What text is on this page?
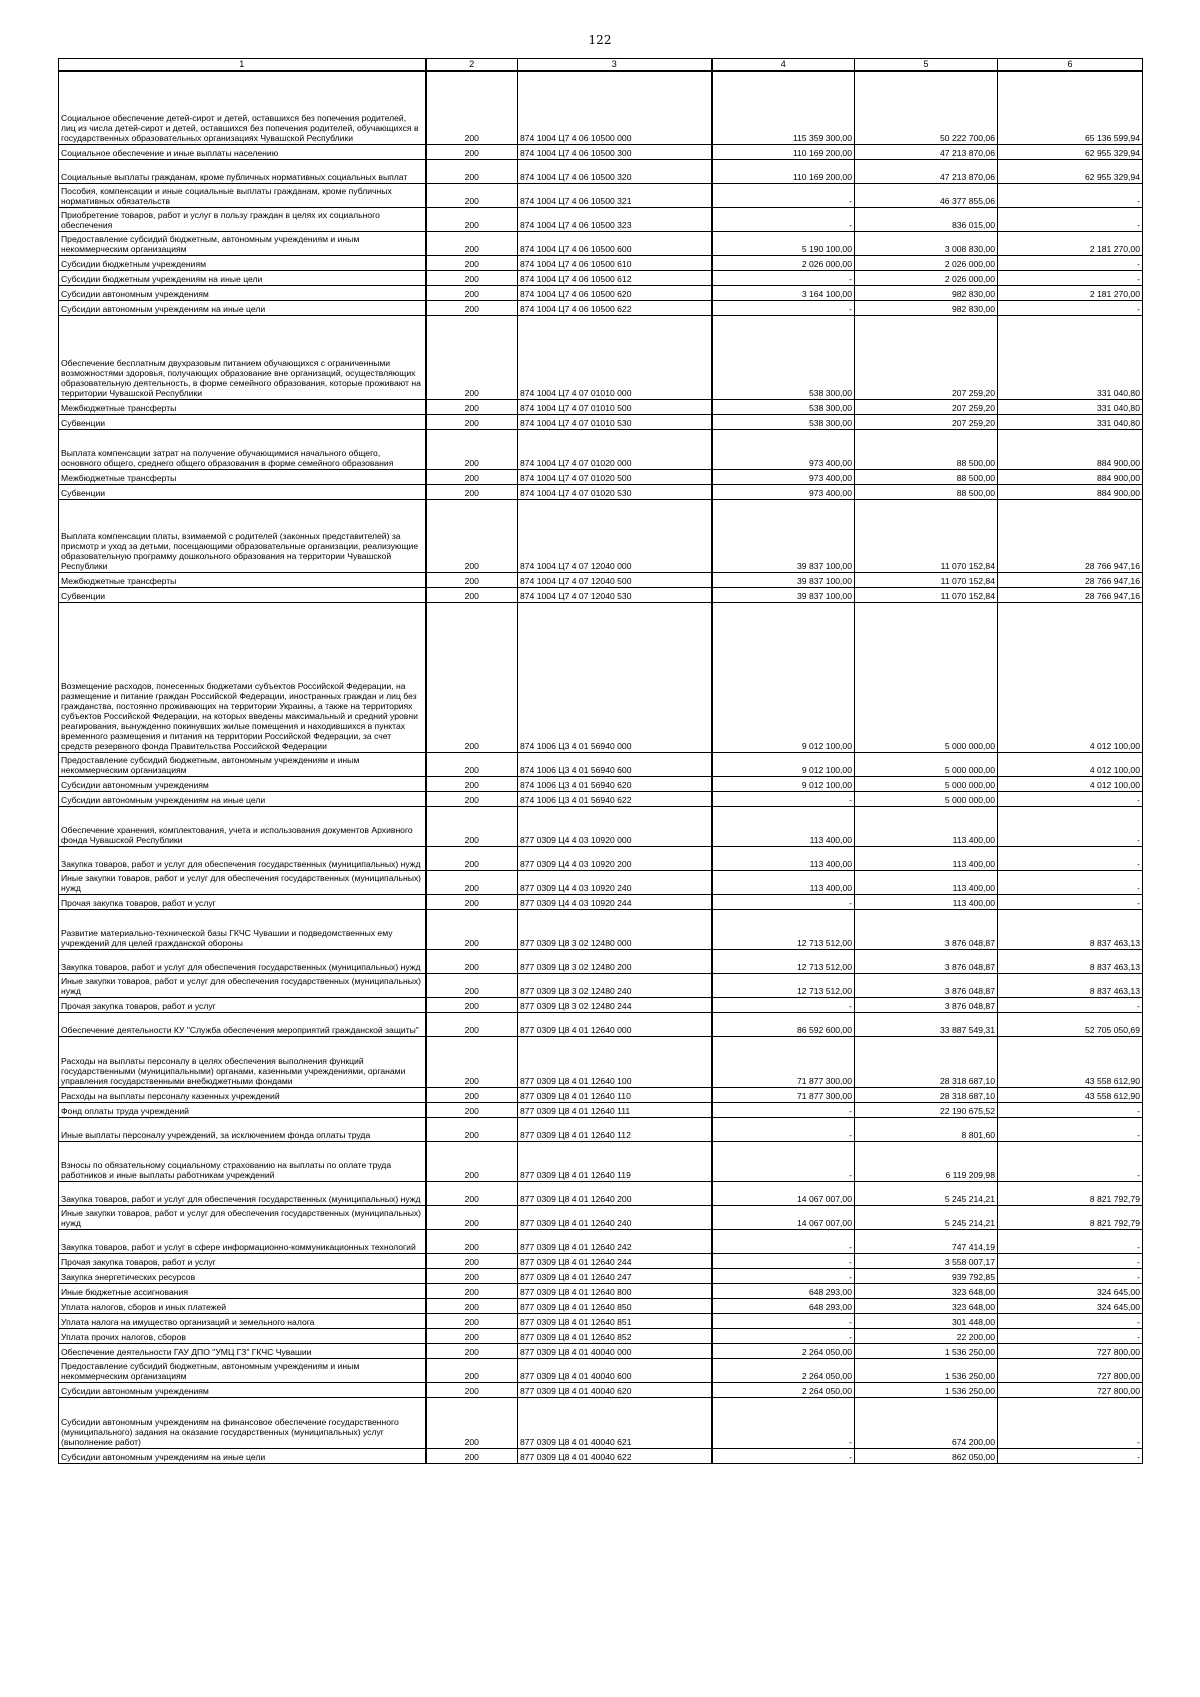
122
1	2	3	4	5	6
Социальное обеспечение детей-сирот и детей, оставшихся без попечения родителей, лиц из числа детей-сирот и детей, оставшихся без попечения родителей, обучающихся в государственных образовательных организациях Чувашской Республики	200	874 1004 Ц7 4 06 10500 000	115 359 300,00	50 222 700,06	65 136 599,94
Социальное обеспечение и иные выплаты населению	200	874 1004 Ц7 4 06 10500 300	110 169 200,00	47 213 870,06	62 955 329,94
Социальные выплаты гражданам, кроме публичных нормативных социальных выплат	200	874 1004 Ц7 4 06 10500 320	110 169 200,00	47 213 870,06	62 955 329,94
Пособия, компенсации и иные социальные выплаты гражданам, кроме публичных нормативных обязательств	200	874 1004 Ц7 4 06 10500 321	-	46 377 855,06	-
Приобретение товаров, работ и услуг в пользу граждан в целях их социального обеспечения	200	874 1004 Ц7 4 06 10500 323	-	836 015,00	-
Предоставление субсидий бюджетным, автономным учреждениям и иным некоммерческим организациям	200	874 1004 Ц7 4 06 10500 600	5 190 100,00	3 008 830,00	2 181 270,00
Субсидии бюджетным учреждениям	200	874 1004 Ц7 4 06 10500 610	2 026 000,00	2 026 000,00	-
Субсидии бюджетным учреждениям на иные цели	200	874 1004 Ц7 4 06 10500 612	-	2 026 000,00	-
Субсидии автономным учреждениям	200	874 1004 Ц7 4 06 10500 620	3 164 100,00	982 830,00	2 181 270,00
Субсидии автономным учреждениям на иные цели	200	874 1004 Ц7 4 06 10500 622	-	982 830,00	-
Обеспечение бесплатным двухразовым питанием обучающихся с ограниченными возможностями здоровья, получающих образование вне организаций, осуществляющих образовательную деятельность, в форме семейного образования, которые проживают на территории Чувашской Республики	200	874 1004 Ц7 4 07 01010 000	538 300,00	207 259,20	331 040,80
Межбюджетные трансферты	200	874 1004 Ц7 4 07 01010 500	538 300,00	207 259,20	331 040,80
Субвенции	200	874 1004 Ц7 4 07 01010 530	538 300,00	207 259,20	331 040,80
Выплата компенсации затрат на получение обучающимися начального общего, основного общего, среднего общего образования в форме семейного образования	200	874 1004 Ц7 4 07 01020 000	973 400,00	88 500,00	884 900,00
Межбюджетные трансферты	200	874 1004 Ц7 4 07 01020 500	973 400,00	88 500,00	884 900,00
Субвенции	200	874 1004 Ц7 4 07 01020 530	973 400,00	88 500,00	884 900,00
Выплата компенсации платы, взимаемой с родителей (законных представителей) за присмотр и уход за детьми, посещающими образовательные организации, реализующие образовательную программу дошкольного образования на территории Чувашской Республики	200	874 1004 Ц7 4 07 12040 000	39 837 100,00	11 070 152,84	28 766 947,16
Межбюджетные трансферты	200	874 1004 Ц7 4 07 12040 500	39 837 100,00	11 070 152,84	28 766 947,16
Субвенции	200	874 1004 Ц7 4 07 12040 530	39 837 100,00	11 070 152,84	28 766 947,16
Возмещение расходов, понесенных бюджетами субъектов Российской Федерации, на размещение и питание граждан Российской Федерации, иностранных граждан и лиц без гражданства, постоянно проживающих на территории Украины, а также на территориях субъектов Российской Федерации, на которых введены максимальный и средний уровни реагирования, вынужденно покинувших жилые помещения и находившихся в пунктах временного размещения и питания на территории Российской Федерации, за счет средств резервного фонда Правительства Российской Федерации	200	874 1006 Ц3 4 01 56940 000	9 012 100,00	5 000 000,00	4 012 100,00
Предоставление субсидий бюджетным, автономным учреждениям и иным некоммерческим организациям	200	874 1006 Ц3 4 01 56940 600	9 012 100,00	5 000 000,00	4 012 100,00
Субсидии автономным учреждениям	200	874 1006 Ц3 4 01 56940 620	9 012 100,00	5 000 000,00	4 012 100,00
Субсидии автономным учреждениям на иные цели	200	874 1006 Ц3 4 01 56940 622	-	5 000 000,00	-
Обеспечение хранения, комплектования, учета и использования документов Архивного фонда Чувашской Республики	200	877 0309 Ц4 4 03 10920 000	113 400,00	113 400,00	-
Закупка товаров, работ и услуг для обеспечения государственных (муниципальных) нужд	200	877 0309 Ц4 4 03 10920 200	113 400,00	113 400,00	-
Иные закупки товаров, работ и услуг для обеспечения государственных (муниципальных) нужд	200	877 0309 Ц4 4 03 10920 240	113 400,00	113 400,00	-
Прочая закупка товаров, работ и услуг	200	877 0309 Ц4 4 03 10920 244	-	113 400,00	-
Развитие материально-технической базы ГКЧС Чувашии и подведомственных ему учреждений для целей гражданской обороны	200	877 0309 Ц8 3 02 12480 000	12 713 512,00	3 876 048,87	8 837 463,13
Закупка товаров, работ и услуг для обеспечения государственных (муниципальных) нужд	200	877 0309 Ц8 3 02 12480 200	12 713 512,00	3 876 048,87	8 837 463,13
Иные закупки товаров, работ и услуг для обеспечения государственных (муниципальных) нужд	200	877 0309 Ц8 3 02 12480 240	12 713 512,00	3 876 048,87	8 837 463,13
Прочая закупка товаров, работ и услуг	200	877 0309 Ц8 3 02 12480 244	-	3 876 048,87	-
Обеспечение деятельности КУ "Служба обеспечения мероприятий гражданской защиты"	200	877 0309 Ц8 4 01 12640 000	86 592 600,00	33 887 549,31	52 705 050,69
Расходы на выплаты персоналу в целях обеспечения выполнения функций государственными (муниципальными) органами, казенными учреждениями, органами управления государственными внебюджетными фондами	200	877 0309 Ц8 4 01 12640 100	71 877 300,00	28 318 687,10	43 558 612,90
Расходы на выплаты персоналу казенных учреждений	200	877 0309 Ц8 4 01 12640 110	71 877 300,00	28 318 687,10	43 558 612,90
Фонд оплаты труда учреждений	200	877 0309 Ц8 4 01 12640 111	-	22 190 675,52	-
Иные выплаты персоналу учреждений, за исключением фонда оплаты труда	200	877 0309 Ц8 4 01 12640 112	-	8 801,60	-
Взносы по обязательному социальному страхованию на выплаты по оплате труда работников и иные выплаты работникам учреждений	200	877 0309 Ц8 4 01 12640 119	-	6 119 209,98	-
Закупка товаров, работ и услуг для обеспечения государственных (муниципальных) нужд	200	877 0309 Ц8 4 01 12640 200	14 067 007,00	5 245 214,21	8 821 792,79
Иные закупки товаров, работ и услуг для обеспечения государственных (муниципальных) нужд	200	877 0309 Ц8 4 01 12640 240	14 067 007,00	5 245 214,21	8 821 792,79
Закупка товаров, работ и услуг в сфере информационно-коммуникационных технологий	200	877 0309 Ц8 4 01 12640 242	-	747 414,19	-
Прочая закупка товаров, работ и услуг	200	877 0309 Ц8 4 01 12640 244	-	3 558 007,17	-
Закупка энергетических ресурсов	200	877 0309 Ц8 4 01 12640 247	-	939 792,85	-
Иные бюджетные ассигнования	200	877 0309 Ц8 4 01 12640 800	648 293,00	323 648,00	324 645,00
Уплата налогов, сборов и иных платежей	200	877 0309 Ц8 4 01 12640 850	648 293,00	323 648,00	324 645,00
Уплата налога на имущество организаций и земельного налога	200	877 0309 Ц8 4 01 12640 851	-	301 448,00	-
Уплата прочих налогов, сборов	200	877 0309 Ц8 4 01 12640 852	-	22 200,00	-
Обеспечение деятельности ГАУ ДПО "УМЦ ГЗ" ГКЧС Чувашии	200	877 0309 Ц8 4 01 40040 000	2 264 050,00	1 536 250,00	727 800,00
Предоставление субсидий бюджетным, автономным учреждениям и иным некоммерческим организациям	200	877 0309 Ц8 4 01 40040 600	2 264 050,00	1 536 250,00	727 800,00
Субсидии автономным учреждениям	200	877 0309 Ц8 4 01 40040 620	2 264 050,00	1 536 250,00	727 800,00
Субсидии автономным учреждениям на финансовое обеспечение государственного (муниципального) задания на оказание государственных (муниципальных) услуг (выполнение работ)	200	877 0309 Ц8 4 01 40040 621	-	674 200,00	-
Субсидии автономным учреждениям на иные цели	200	877 0309 Ц8 4 01 40040 622	-	862 050,00	-
